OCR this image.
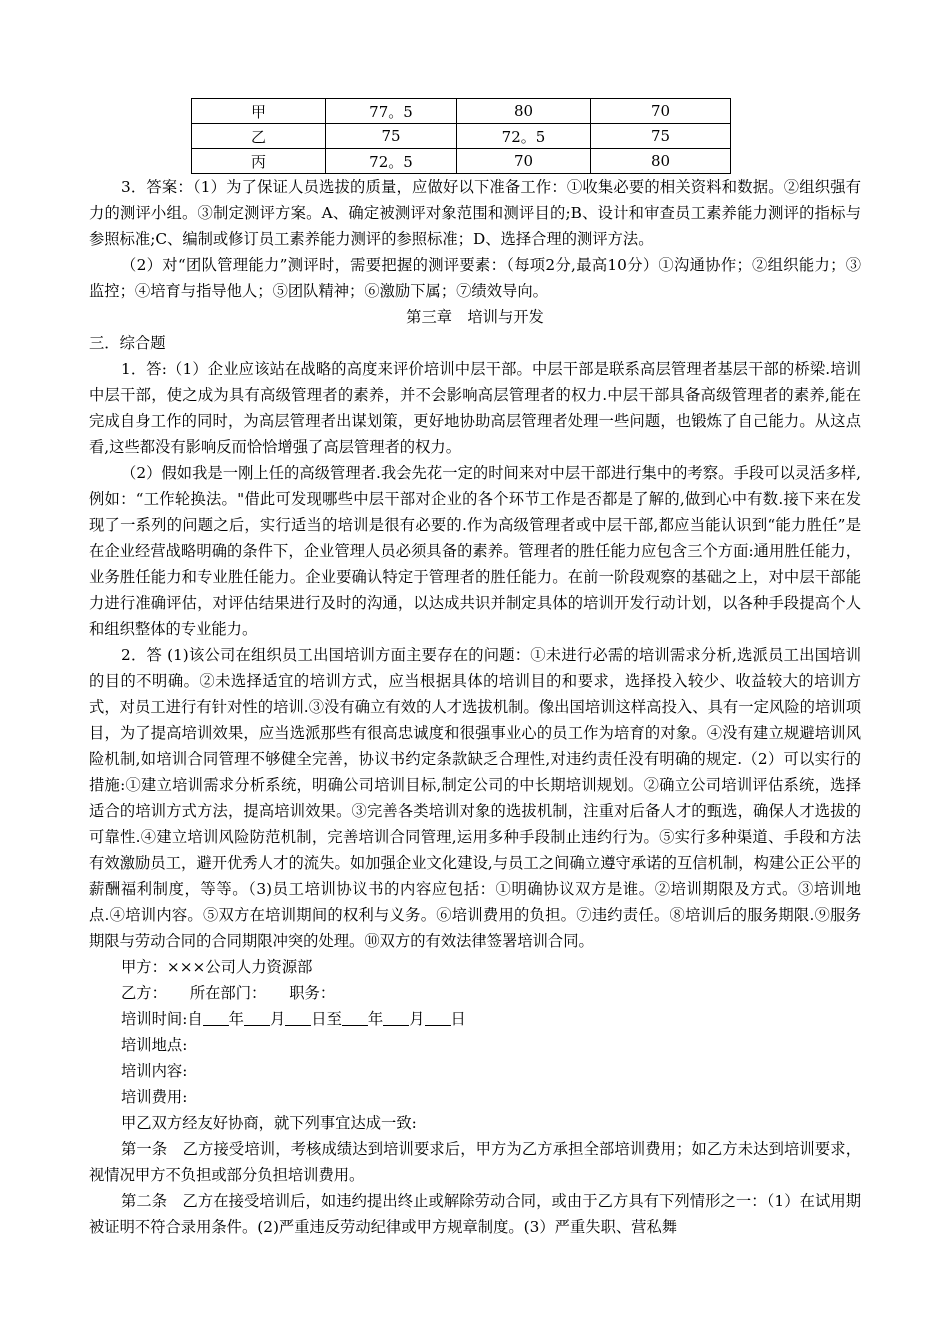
甲	77。5	80	70
乙	75	72。5	75
丙	72。5	70	80

3．答案：（1）为了保证人员选拔的质量，应做好以下准备工作：①收集必要的相关资料和数据。②组织强有力的测评小组。③制定测评方案。A、确定被测评对象范围和测评目的;B、设计和审查员工素养能力测评的指标与参照标准;C、编制或修订员工素养能力测评的参照标准；D、选择合理的测评方法。

（2）对“团队管理能力”测评时，需要把握的测评要素：（每项2分,最高10分）①沟通协作；②组织能力；③监控；④培育与指导他人；⑤团队精神；⑥激励下属；⑦绩效导向。

第三章　培训与开发

三．综合题

1．答:（1）企业应该站在战略的高度来评价培训中层干部。中层干部是联系高层管理者基层干部的桥梁.培训中层干部，使之成为具有高级管理者的素养，并不会影响高层管理者的权力.中层干部具备高级管理者的素养,能在完成自身工作的同时，为高层管理者出谋划策，更好地协助高层管理者处理一些问题，也锻炼了自己能力。从这点看,这些都没有影响反而恰恰增强了高层管理者的权力。

（2）假如我是一刚上任的高级管理者.我会先花一定的时间来对中层干部进行集中的考察。手段可以灵活多样,例如：“工作轮换法。"借此可发现哪些中层干部对企业的各个环节工作是否都是了解的,做到心中有数.接下来在发现了一系列的问题之后，实行适当的培训是很有必要的.作为高级管理者或中层干部,都应当能认识到“能力胜任”是在企业经营战略明确的条件下，企业管理人员必须具备的素养。管理者的胜任能力应包含三个方面:通用胜任能力，业务胜任能力和专业胜任能力。企业要确认特定于管理者的胜任能力。在前一阶段观察的基础之上，对中层干部能力进行准确评估，对评估结果进行及时的沟通，以达成共识并制定具体的培训开发行动计划，以各种手段提高个人和组织整体的专业能力。

2．答 (1)该公司在组织员工出国培训方面主要存在的问题：①未进行必需的培训需求分析,选派员工出国培训的目的不明确。②未选择适宜的培训方式，应当根据具体的培训目的和要求，选择投入较少、收益较大的培训方式，对员工进行有针对性的培训.③没有确立有效的人才选拔机制。像出国培训这样高投入、具有一定风险的培训项目，为了提高培训效果，应当选派那些有很高忠诚度和很强事业心的员工作为培育的对象。④没有建立规避培训风险机制,如培训合同管理不够健全完善，协议书约定条款缺乏合理性,对违约责任没有明确的规定.（2）可以实行的措施:①建立培训需求分析系统，明确公司培训目标,制定公司的中长期培训规划。②确立公司培训评估系统，选择适合的培训方式方法，提高培训效果。③完善各类培训对象的选拔机制，注重对后备人才的甄选，确保人才选拔的可靠性.④建立培训风险防范机制，完善培训合同管理,运用多种手段制止违约行为。⑤实行多种渠道、手段和方法有效激励员工，避开优秀人才的流失。如加强企业文化建设,与员工之间确立遵守承诺的互信机制，构建公正公平的薪酬福利制度，等等。（3)员工培训协议书的内容应包括：①明确协议双方是谁。②培训期限及方式。③培训地点.④培训内容。⑤双方在培训期间的权利与义务。⑥培训费用的负担。⑦违约责任。⑧培训后的服务期限.⑨服务期限与劳动合同的合同期限冲突的处理。⑩双方的有效法律签署培训合同。

甲方：×××公司人力资源部

乙方：　　所在部门：　　职务：

培训时间:自 年 月 日至 年 月 日

培训地点:

培训内容:

培训费用:

甲乙双方经友好协商，就下列事宜达成一致:

第一条　乙方接受培训，考核成绩达到培训要求后，甲方为乙方承担全部培训费用；如乙方未达到培训要求，视情况甲方不负担或部分负担培训费用。

第二条　乙方在接受培训后，如违约提出终止或解除劳动合同，或由于乙方具有下列情形之一：（1）在试用期被证明不符合录用条件。(2)严重违反劳动纪律或甲方规章制度。(3）严重失职、营私舞
